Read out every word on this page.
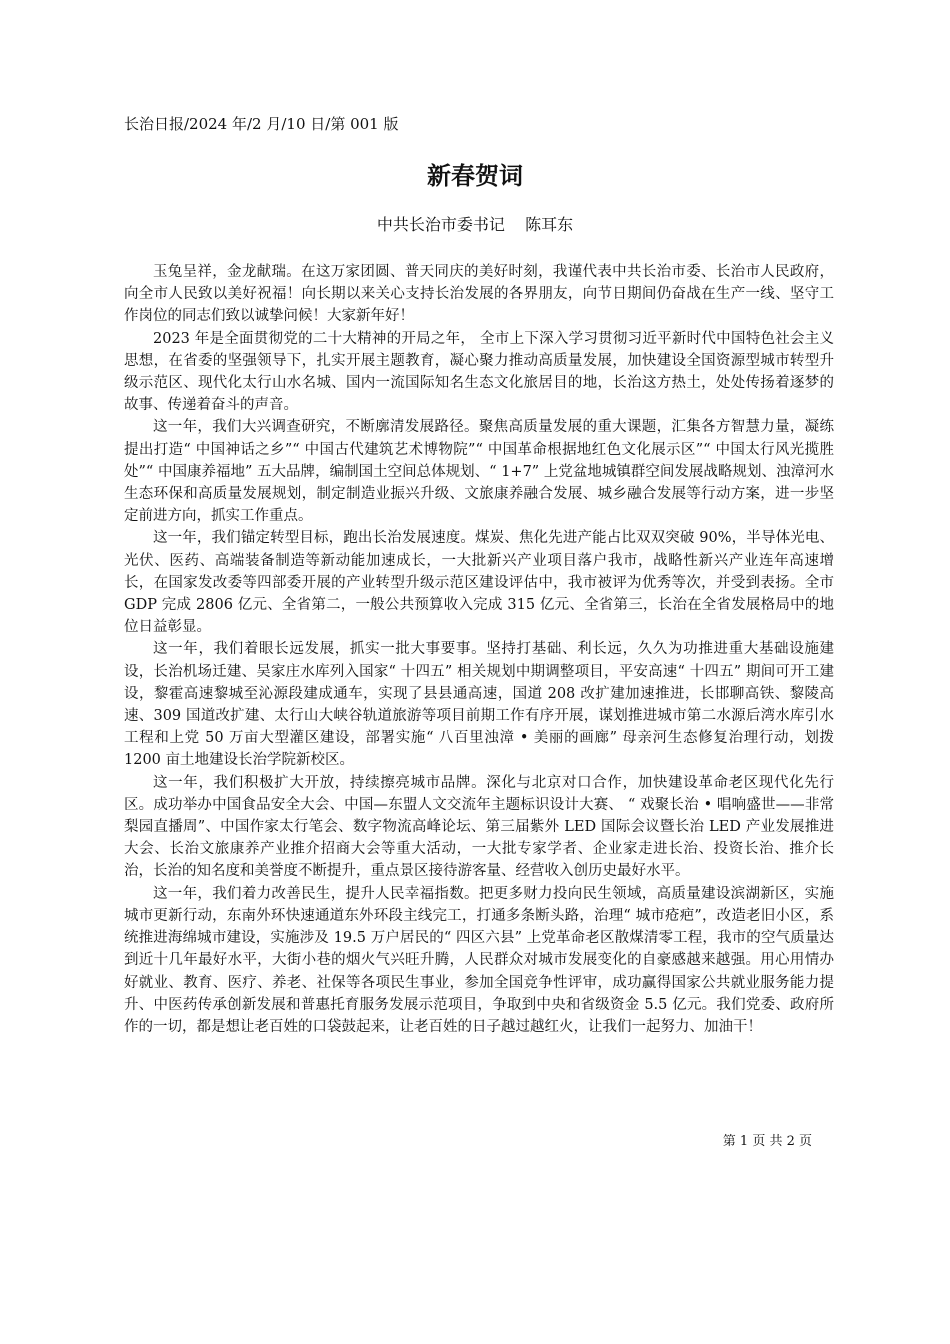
长治日报/2024 年/2 月/10 日/第 001 版
新春贺词
中共长治市委书记    陈耳东

玉兔呈祥，金龙献瑞。在这万家团圆、普天同庆的美好时刻，我谨代表中共长治市委、长治市人民政府，向全市人民致以美好祝福！向长期以来关心支持长治发展的各界朋友，向节日期间仍奋战在生产一线、坚守工作岗位的同志们致以诚挚问候！大家新年好！

2023 年是全面贯彻党的二十大精神的开局之年， 全市上下深入学习贯彻习近平新时代中国特色社会主义思想，在省委的坚强领导下，扎实开展主题教育，凝心聚力推动高质量发展，加快建设全国资源型城市转型升级示范区、现代化太行山水名城、国内一流国际知名生态文化旅居目的地，长治这方热土，处处传扬着逐梦的故事、传递着奋斗的声音。

这一年，我们大兴调查研究，不断廓清发展路径。聚焦高质量发展的重大课题，汇集各方智慧力量，凝练提出打造“ 中国神话之乡”“ 中国古代建筑艺术博物院”“ 中国革命根据地红色文化展示区”“ 中国太行风光揽胜处”“ 中国康养福地” 五大品牌，编制国土空间总体规划、“ 1+7” 上党盆地城镇群空间发展战略规划、浊漳河水生态环保和高质量发展规划，制定制造业振兴升级、文旅康养融合发展、城乡融合发展等行动方案，进一步坚定前进方向，抓实工作重点。

这一年，我们锚定转型目标，跑出长治发展速度。煤炭、焦化先进产能占比双双突破 90%，半导体光电、光伏、医药、高端装备制造等新动能加速成长，一大批新兴产业项目落户我市，战略性新兴产业连年高速增长，在国家发改委等四部委开展的产业转型升级示范区建设评估中，我市被评为优秀等次，并受到表扬。全市 GDP 完成 2806 亿元、全省第二，一般公共预算收入完成 315 亿元、全省第三，长治在全省发展格局中的地位日益彰显。

这一年，我们着眼长远发展，抓实一批大事要事。坚持打基础、利长远，久久为功推进重大基础设施建设，长治机场迁建、吴家庄水库列入国家“ 十四五” 相关规划中期调整项目，平安高速“ 十四五” 期间可开工建设，黎霍高速黎城至沁源段建成通车，实现了县县通高速，国道 208 改扩建加速推进，长邯聊高铁、黎陵高速、309 国道改扩建、太行山大峡谷轨道旅游等项目前期工作有序开展，谋划推进城市第二水源后湾水库引水工程和上党 50 万亩大型灌区建设，部署实施“ 八百里浊漳 • 美丽的画廊” 母亲河生态修复治理行动，划拨 1200 亩土地建设长治学院新校区。

这一年，我们积极扩大开放，持续擦亮城市品牌。深化与北京对口合作，加快建设革命老区现代化先行区。成功举办中国食品安全大会、中国—东盟人文交流年主题标识设计大赛、 “ 戏聚长治 • 唱响盛世——非常梨园直播周”、中国作家太行笔会、数字物流高峰论坛、第三届紫外 LED 国际会议暨长治 LED 产业发展推进大会、长治文旅康养产业推介招商大会等重大活动，一大批专家学者、企业家走进长治、投资长治、推介长治，长治的知名度和美誉度不断提升，重点景区接待游客量、经营收入创历史最好水平。

这一年，我们着力改善民生，提升人民幸福指数。把更多财力投向民生领域，高质量建设滨湖新区，实施城市更新行动，东南外环快速通道东外环段主线完工，打通多条断头路，治理“ 城市疮疤”，改造老旧小区，系统推进海绵城市建设，实施涉及 19.5 万户居民的“ 四区六县” 上党革命老区散煤清零工程，我市的空气质量达到近十几年最好水平，大街小巷的烟火气兴旺升腾，人民群众对城市发展变化的自豪感越来越强。用心用情办好就业、教育、医疗、养老、社保等各项民生事业，参加全国竞争性评审，成功赢得国家公共就业服务能力提升、中医药传承创新发展和普惠托育服务发展示范项目，争取到中央和省级资金 5.5 亿元。我们党委、政府所作的一切，都是想让老百姓的口袋鼓起来，让老百姓的日子越过越红火，让我们一起努力、加油干！

第 1 页 共 2 页
